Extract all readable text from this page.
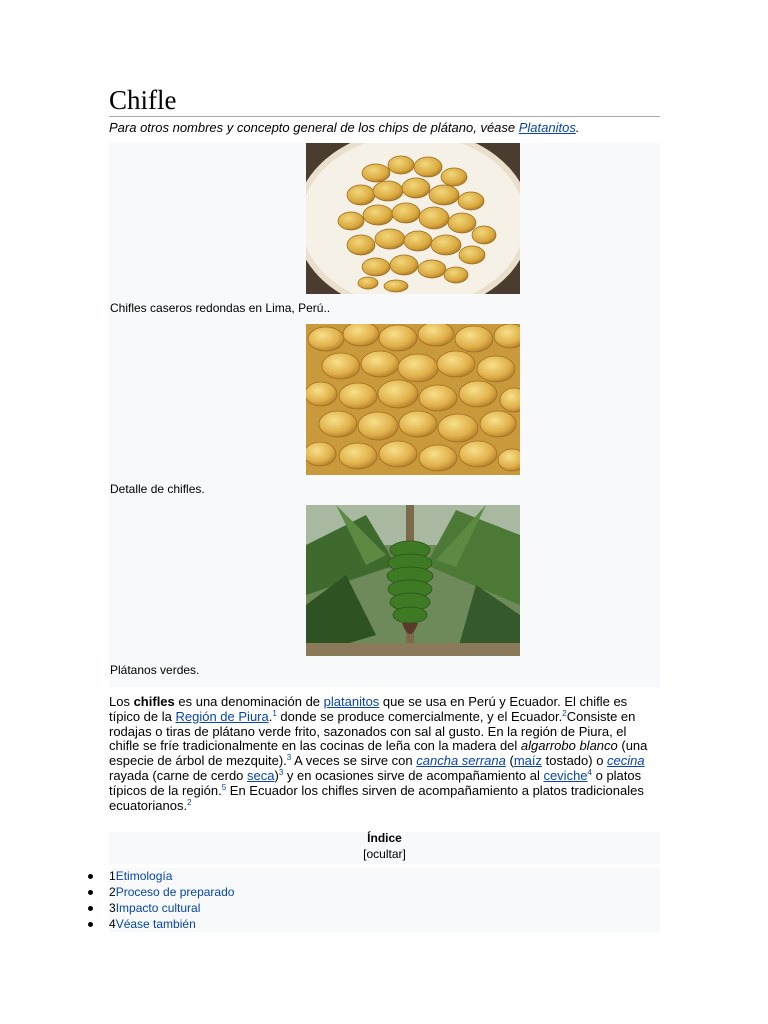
Chifle
Para otros nombres y concepto general de los chips de plátano, véase Platanitos.
Chifles caseros redondas en Lima, Perú..
Detalle de chifles.
Plátanos verdes.

Los chifles es una denominación de platanitos que se usa en Perú y Ecuador. El chifle es típico de la Región de Piura.$^1$ donde se produce comercialmente, y el Ecuador.$^2$Consiste en rodajas o tiras de plátano verde frito, sazonados con sal al gusto. En la región de Piura, el chifle se fríe tradicionalmente en las cocinas de leña con la madera del algarrobo blanco (una especie de árbol de mezquite).$^3$ A veces se sirve con cancha serrana (maíz tostado) o cecina rayada (carne de cerdo seca)$^3$ y en ocasiones sirve de acompañamiento al ceviche$^4$ o platos típicos de la región.$^5$ En Ecuador los chifles sirven de acompañamiento a platos tradicionales ecuatorianos.$^2$

Índice
[ocultar]
1Etimología
2Proceso de preparado
3Impacto cultural
4Véase también
